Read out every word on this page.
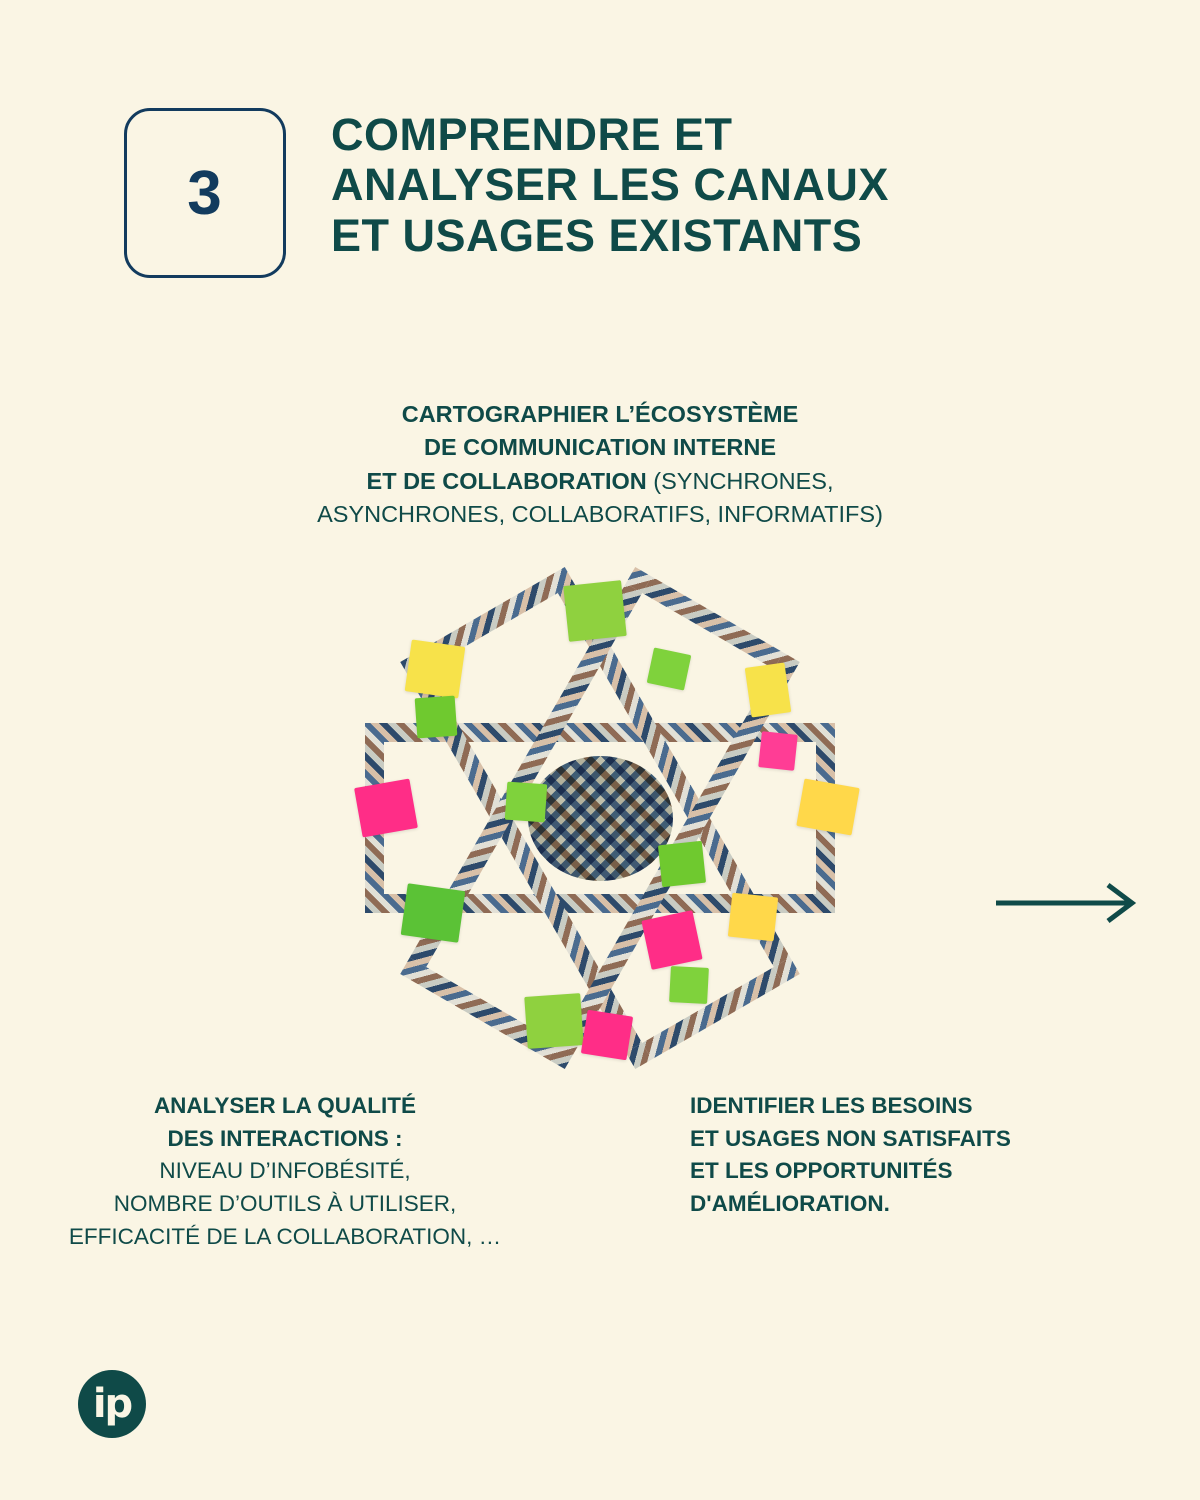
3
COMPRENDRE ET
ANALYSER LES CANAUX
ET USAGES EXISTANTS
CARTOGRAPHIER L’ÉCOSYSTÈME
DE COMMUNICATION INTERNE
ET DE COLLABORATION (SYNCHRONES,
ASYNCHRONES, COLLABORATIFS, INFORMATIFS)
ANALYSER LA QUALITÉ
DES INTERACTIONS :
NIVEAU D’INFOBÉSITÉ,
NOMBRE D’OUTILS À UTILISER,
EFFICACITÉ DE LA COLLABORATION, …
IDENTIFIER LES BESOINS
ET USAGES NON SATISFAITS
ET LES OPPORTUNITÉS
D'AMÉLIORATION.
ip
